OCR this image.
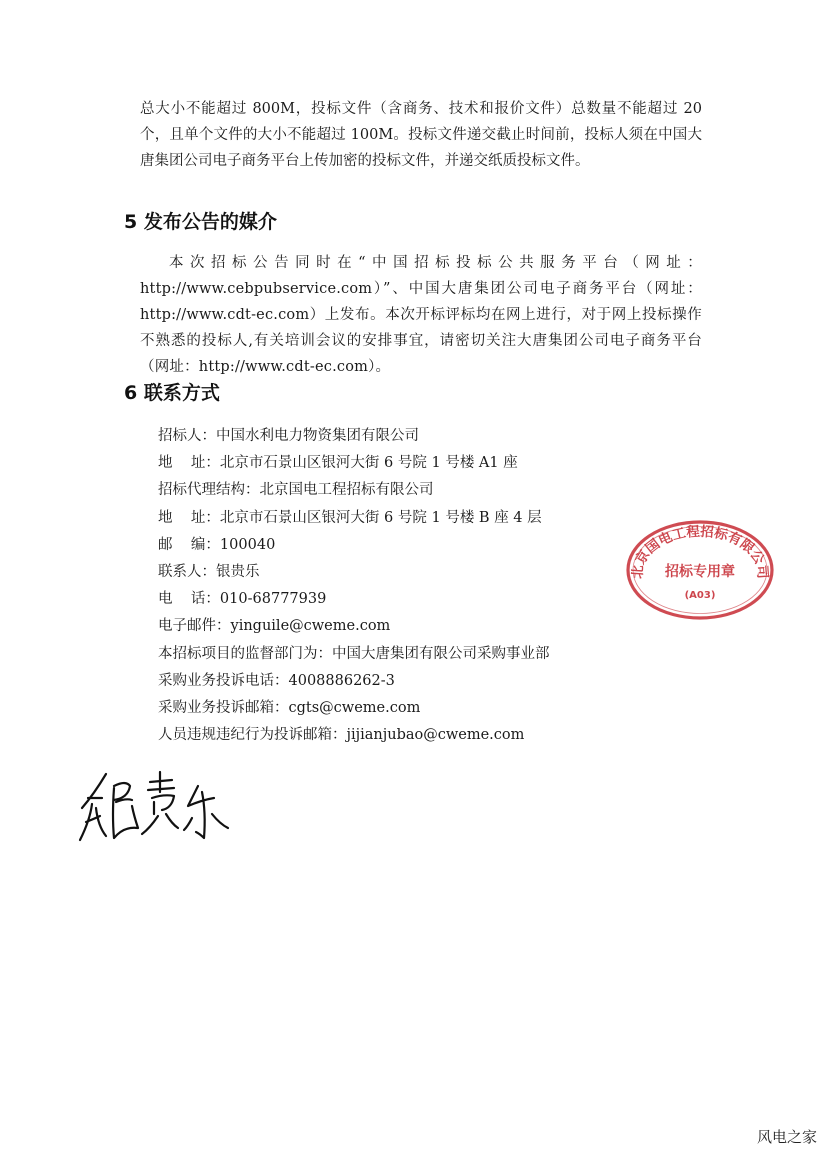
总大小不能超过 800M，投标文件（含商务、技术和报价文件）总数量不能超过 20 个，且单个文件的大小不能超过 100M。投标文件递交截止时间前，投标人须在中国大唐集团公司电子商务平台上传加密的投标文件，并递交纸质投标文件。

5 发布公告的媒介

本次招标公告同时在“中国招标投标公共服务平台（网址：http://www.cebpubservice.com）”、中国大唐集团公司电子商务平台（网址：http://www.cdt-ec.com）上发布。本次开标评标均在网上进行，对于网上投标操作不熟悉的投标人,有关培训会议的安排事宜，请密切关注大唐集团公司电子商务平台（网址：http://www.cdt-ec.com）。

6 联系方式
招标人：中国水利电力物资集团有限公司
地    址：北京市石景山区银河大街 6 号院 1 号楼 A1 座
招标代理结构：北京国电工程招标有限公司
地    址：北京市石景山区银河大街 6 号院 1 号楼 B 座 4 层
邮    编：100040
联系人：银贵乐
电    话：010-68777939
电子邮件：yinguile@cweme.com
本招标项目的监督部门为：中国大唐集团有限公司采购事业部
采购业务投诉电话：4008886262-3
采购业务投诉邮箱：cgts@cweme.com
人员违规违纪行为投诉邮箱：jijianjubao@cweme.com
北京国电工程招标有限公司
招标专用章
(A03)
风电之家
